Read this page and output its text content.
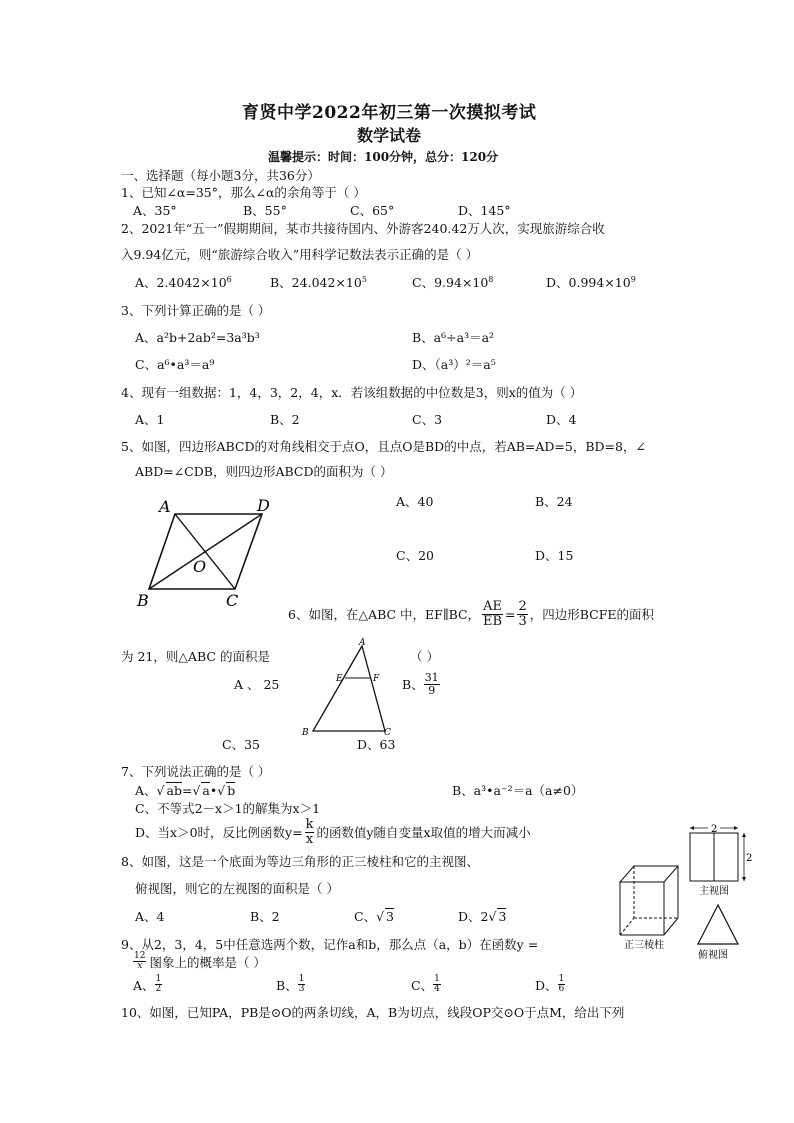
育贤中学2022年初三第一次摸拟考试
数学试卷
温馨提示：时间：100分钟，总分：120分
一、选择题（每小题3分，共36分）
1、已知∠α=35°，那么∠α的余角等于（ ）
A、35°	B、55°	C、65°	D、145°
2、2021年“五一”假期期间，某市共接待国内、外游客240.42万人次，实现旅游综合收
入9.94亿元，则“旅游综合收入”用科学记数法表示正确的是（ ）
A、$2.4042\times 10^6$	B、$24.042\times 10^5$	C、$9.94\times 10^8$	D、$0.994\times 10^9$
3、下列计算正确的是（ ）
A、a²b+2ab²=3a³b³	B、a⁶÷a³＝a²
C、a⁶•a³＝a⁹	D、（a³）²＝a⁵
4、现有一组数据：1，4，3，2，4，x．若该组数据的中位数是3，则x的值为（ ）
A、1	B、2	C、3	D、4
5、如图，四边形ABCD的对角线相交于点O，且点O是BD的中点，若AB=AD=5，BD=8，∠
ABD=∠CDB，则四边形ABCD的面积为（ ）
A、40	B、24
C、20	D、15
A	D
B	C
O
6、如图，在△ABC 中，EF∥BC， $\frac{AE}{EB} = \frac{2}{3}$ ，四边形BCFE的面积
为 21，则△ABC 的面积是	（ ）
A 、 25	B、 $\frac{31}{9}$
C、35	D、63
A
E	F
B	C
7、下列说法正确的是（ ）
A、√ ab=√ a•√ b	B、a³•a⁻²＝a（a≠0）
C、不等式2－x＞1的解集为x＞1
D、当x＞0时，反比例函数$y= \frac{k}{x}$ 的函数值y随自变量x取值的增大而减小
8、如图，这是一个底面为等边三角形的正三棱柱和它的主视图、
俯视图，则它的左视图的面积是（ ）
A、4	B、2	C、√ 3	D、2√ 3
正三棱柱
2
2
主视图
俯视图
9、从2，3，4，5中任意选两个数，记作a和b，那么点（a，b）在函数y =
$\frac{12}{x}$ 图象上的概率是（ ）
A、 $\frac{1}{2}$	B、 $\frac{1}{3}$	C、 $\frac{1}{4}$	D、 $\frac{1}{6}$
10、如图，已知PA，PB是⊙O的两条切线，A，B为切点，线段OP交⊙O于点M，给出下列
